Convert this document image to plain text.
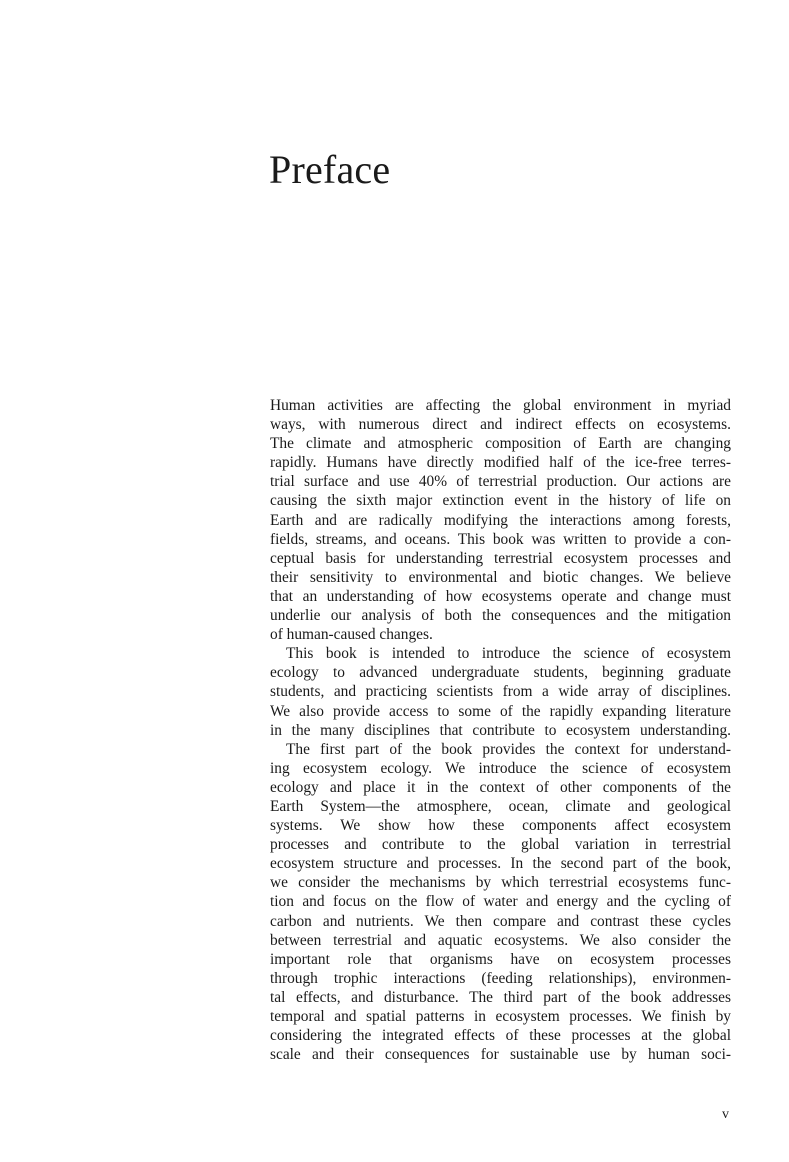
Preface
Human activities are affecting the global environment in myriad
ways, with numerous direct and indirect effects on ecosystems.
The climate and atmospheric composition of Earth are changing
rapidly. Humans have directly modified half of the ice-free terres-
trial surface and use 40% of terrestrial production. Our actions are
causing the sixth major extinction event in the history of life on
Earth and are radically modifying the interactions among forests,
fields, streams, and oceans. This book was written to provide a con-
ceptual basis for understanding terrestrial ecosystem processes and
their sensitivity to environmental and biotic changes. We believe
that an understanding of how ecosystems operate and change must
underlie our analysis of both the consequences and the mitigation
of human-caused changes.
This book is intended to introduce the science of ecosystem
ecology to advanced undergraduate students, beginning graduate
students, and practicing scientists from a wide array of disciplines.
We also provide access to some of the rapidly expanding literature
in the many disciplines that contribute to ecosystem understanding.
The first part of the book provides the context for understand-
ing ecosystem ecology. We introduce the science of ecosystem
ecology and place it in the context of other components of the
Earth System—the atmosphere, ocean, climate and geological
systems. We show how these components affect ecosystem
processes and contribute to the global variation in terrestrial
ecosystem structure and processes. In the second part of the book,
we consider the mechanisms by which terrestrial ecosystems func-
tion and focus on the flow of water and energy and the cycling of
carbon and nutrients. We then compare and contrast these cycles
between terrestrial and aquatic ecosystems. We also consider the
important role that organisms have on ecosystem processes
through trophic interactions (feeding relationships), environmen-
tal effects, and disturbance. The third part of the book addresses
temporal and spatial patterns in ecosystem processes. We finish by
considering the integrated effects of these processes at the global
scale and their consequences for sustainable use by human soci-
v
